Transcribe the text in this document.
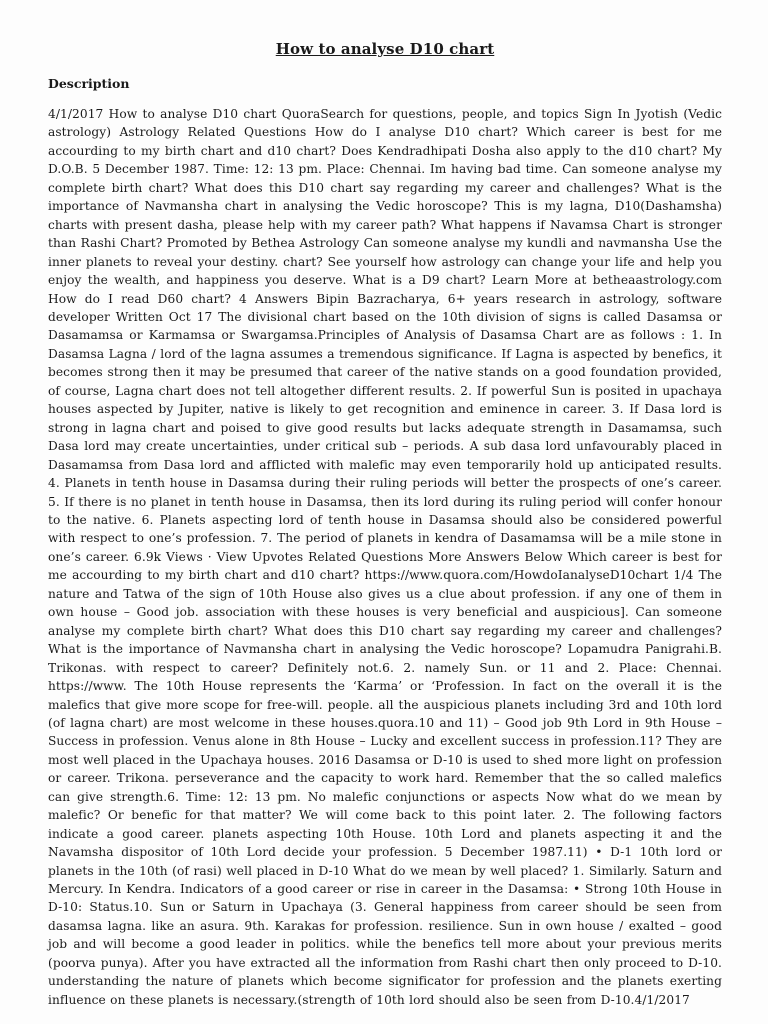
How to analyse D10 chart
Description

4/1/2017 How to analyse D10 chart QuoraSearch for questions, people, and topics Sign In Jyotish (Vedic astrology) Astrology Related Questions How do I analyse D10 chart? Which career is best for me accourding to my birth chart and d10 chart? Does Kendradhipati Dosha also apply to the d10 chart? My D.O.B. 5 December 1987. Time: 12: 13 pm. Place: Chennai. Im having bad time. Can someone analyse my complete birth chart? What does this D10 chart say regarding my career and challenges? What is the importance of Navmansha chart in analysing the Vedic horoscope? This is my lagna, D10(Dashamsha) charts with present dasha, please help with my career path? What happens if Navamsa Chart is stronger than Rashi Chart? Promoted by Bethea Astrology Can someone analyse my kundli and navmansha Use the inner planets to reveal your destiny. chart? See yourself how astrology can change your life and help you enjoy the wealth, and happiness you deserve. What is a D9 chart? Learn More at betheaastrology.com How do I read D60 chart? 4 Answers Bipin Bazracharya, 6+ years research in astrology, software developer Written Oct 17 The divisional chart based on the 10th division of signs is called Dasamsa or Dasamamsa or Karmamsa or Swargamsa.Principles of Analysis of Dasamsa Chart are as follows : 1. In Dasamsa Lagna / lord of the lagna assumes a tremendous significance. If Lagna is aspected by benefics, it becomes strong then it may be presumed that career of the native stands on a good foundation provided, of course, Lagna chart does not tell altogether different results. 2. If powerful Sun is posited in upachaya houses aspected by Jupiter, native is likely to get recognition and eminence in career. 3. If Dasa lord is strong in lagna chart and poised to give good results but lacks adequate strength in Dasamamsa, such Dasa lord may create uncertainties, under critical sub – periods. A sub dasa lord unfavourably placed in Dasamamsa from Dasa lord and afflicted with malefic may even temporarily hold up anticipated results. 4. Planets in tenth house in Dasamsa during their ruling periods will better the prospects of one’s career. 5. If there is no planet in tenth house in Dasamsa, then its lord during its ruling period will confer honour to the native. 6. Planets aspecting lord of tenth house in Dasamsa should also be considered powerful with respect to one’s profession. 7. The period of planets in kendra of Dasamamsa will be a mile stone in one’s career. 6.9k Views · View Upvotes Related Questions More Answers Below Which career is best for me accourding to my birth chart and d10 chart? https://www.quora.com/HowdoIanalyseD10chart 1/4 The nature and Tatwa of the sign of 10th House also gives us a clue about profession. if any one of them in own house – Good job. association with these houses is very beneficial and auspicious]. Can someone analyse my complete birth chart? What does this D10 chart say regarding my career and challenges? What is the importance of Navmansha chart in analysing the Vedic horoscope? Lopamudra Panigrahi.B. Trikonas. with respect to career? Definitely not.6. 2. namely Sun. or 11 and 2. Place: Chennai. https://www. The 10th House represents the ‘Karma’ or ‘Profession. In fact on the overall it is the malefics that give more scope for free-will. people. all the auspicious planets including 3rd and 10th lord (of lagna chart) are most welcome in these houses.quora.10 and 11) – Good job 9th Lord in 9th House – Success in profession. Venus alone in 8th House – Lucky and excellent success in profession.11? They are most well placed in the Upachaya houses. 2016 Dasamsa or D-10 is used to shed more light on profession or career. Trikona. perseverance and the capacity to work hard. Remember that the so called malefics can give strength.6. Time: 12: 13 pm. No malefic conjunctions or aspects Now what do we mean by malefic? Or benefic for that matter? We will come back to this point later. 2. The following factors indicate a good career. planets aspecting 10th House. 10th Lord and planets aspecting it and the Navamsha dispositor of 10th Lord decide your profession. 5 December 1987.11) • D-1 10th lord or planets in the 10th (of rasi) well placed in D-10 What do we mean by well placed? 1. Similarly. Saturn and Mercury. In Kendra. Indicators of a good career or rise in career in the Dasamsa: • Strong 10th House in D-10: Status.10. Sun or Saturn in Upachaya (3. General happiness from career should be seen from dasamsa lagna. like an asura. 9th. Karakas for profession. resilience. Sun in own house / exalted – good job and will become a good leader in politics. while the benefics tell more about your previous merits (poorva punya). After you have extracted all the information from Rashi chart then only proceed to D-10. understanding the nature of planets which become significator for profession and the planets exerting influence on these planets is necessary.(strength of 10th lord should also be seen from D-10.4/1/2017
